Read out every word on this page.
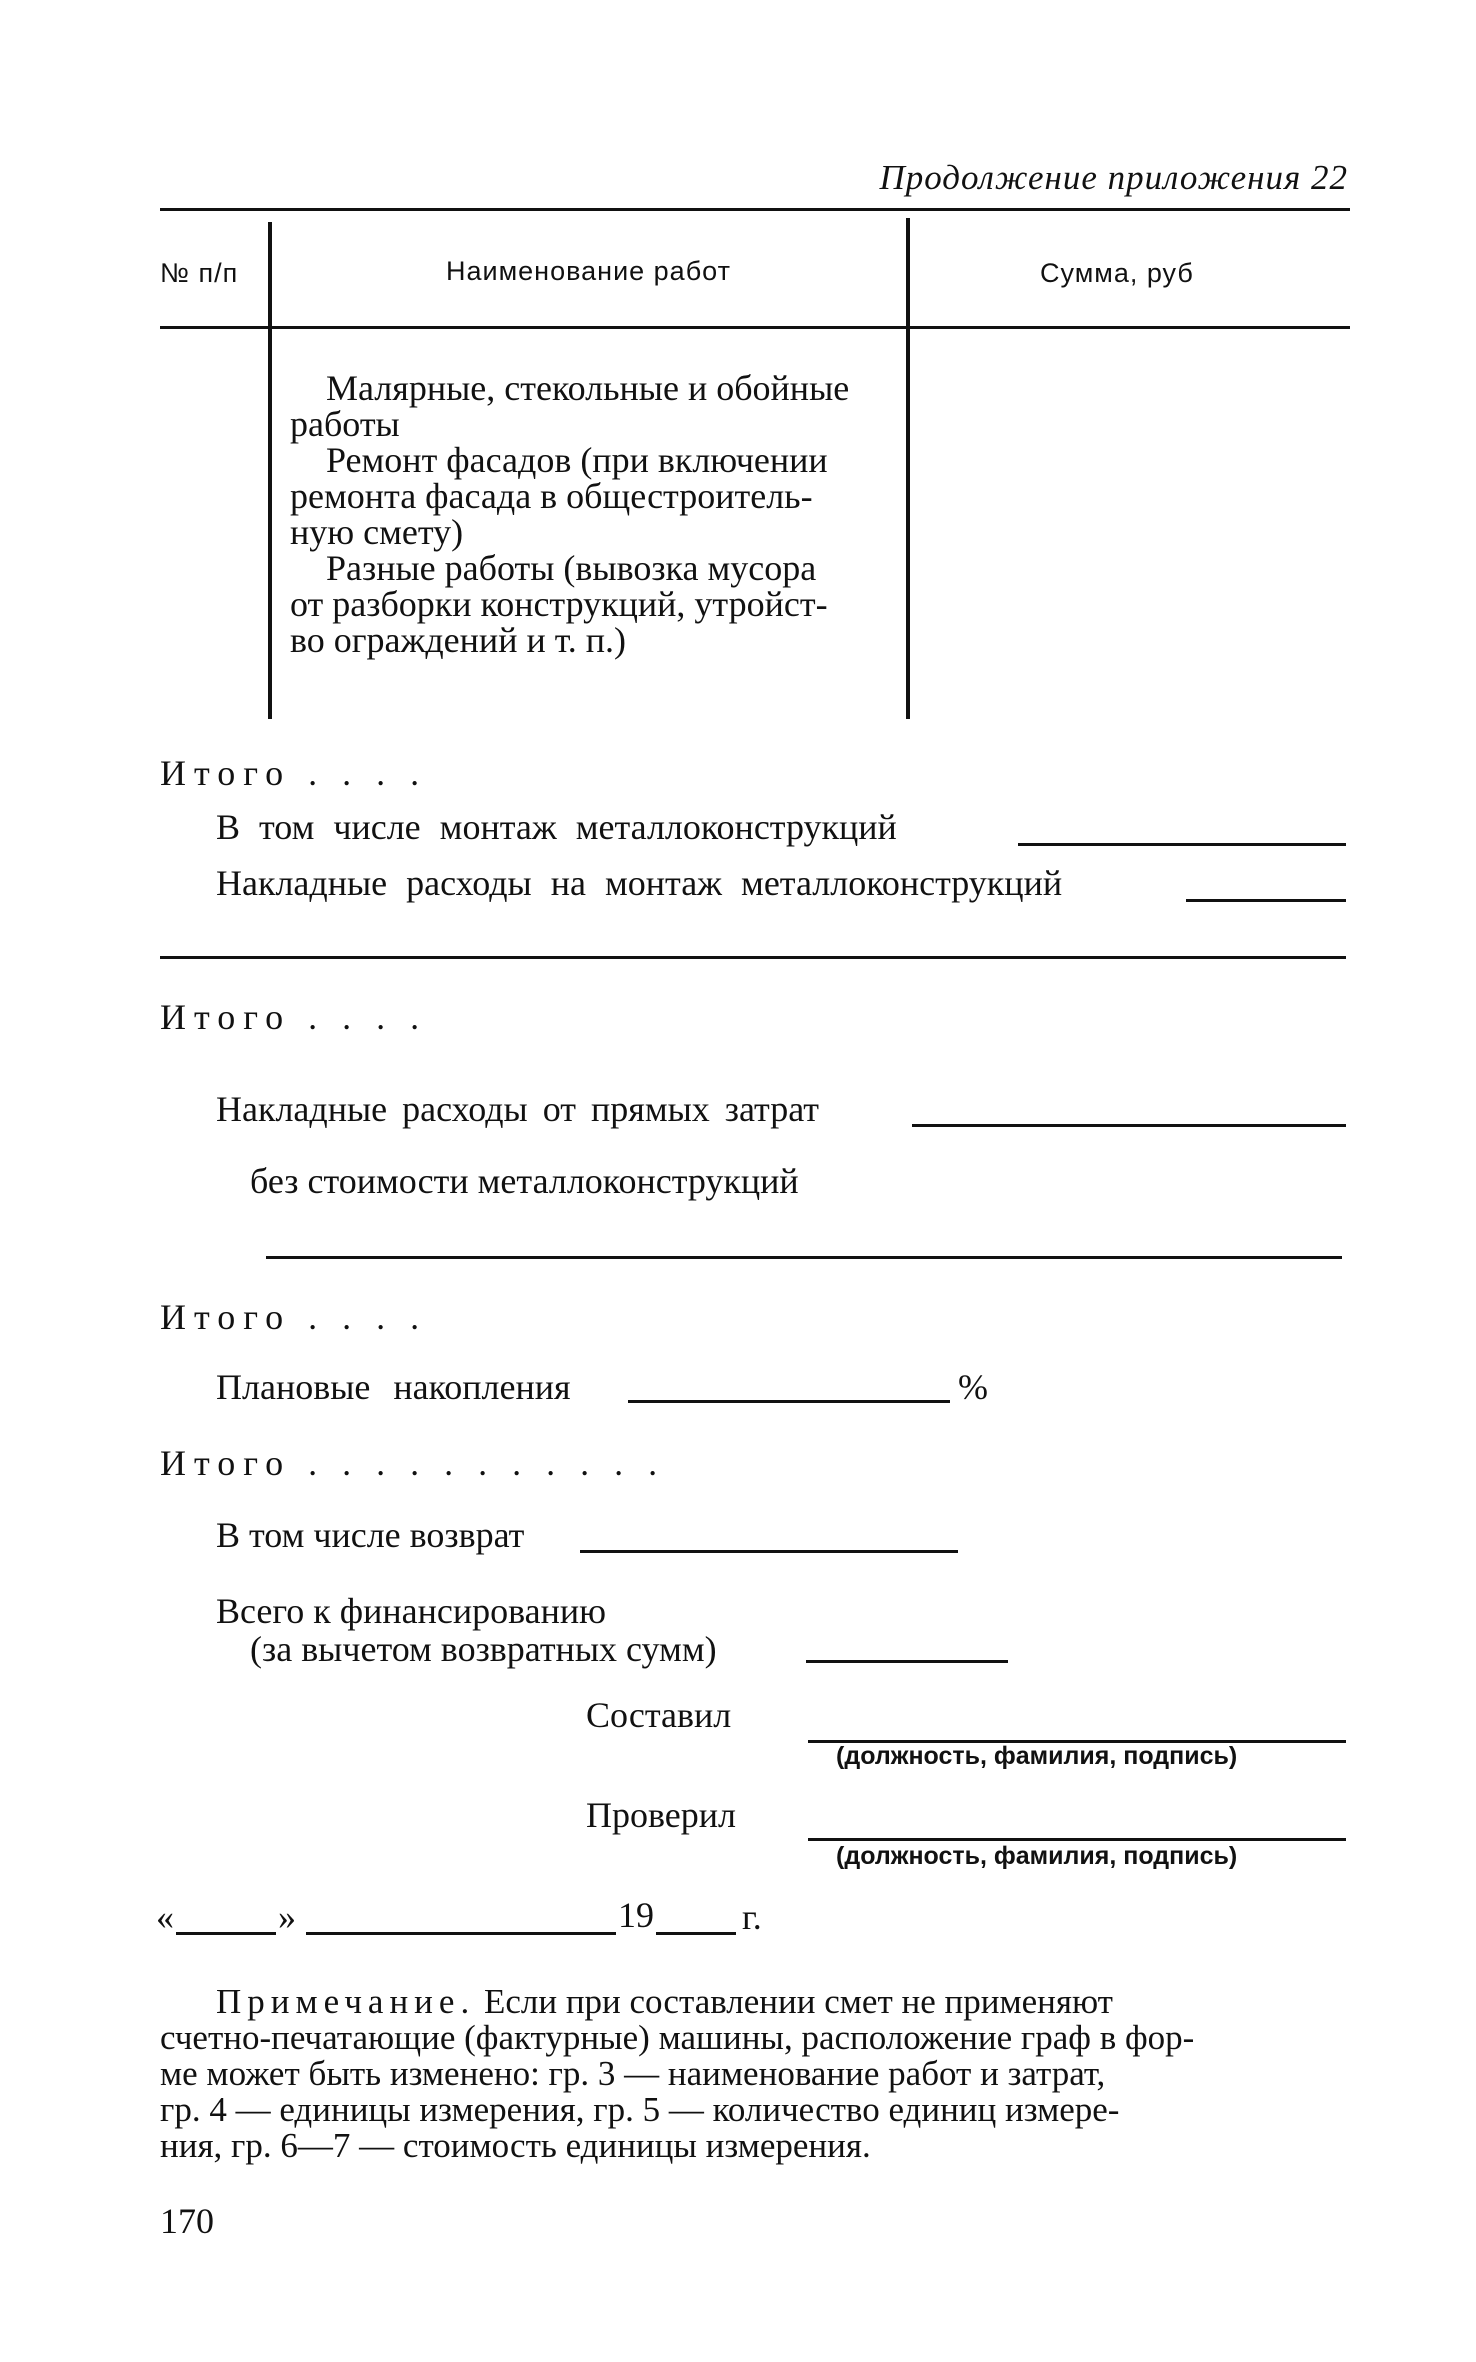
Продолжение приложения 22
№ п/п	Наименование работ	Сумма, руб
Малярные, стекольные и обойные
работы
Ремонт фасадов (при включении
ремонта фасада в общестроитель-
ную смету)
Разные работы (вывозка мусора
от разборки конструкций, утройст-
во ограждений и т. п.)
Итого . . . .
В том числе монтаж металлоконструкций
Накладные расходы на монтаж металлоконструкций
Итого . . . .
Накладные расходы от прямых затрат
без стоимости металлоконструкций
Итого . . . .
Плановые накопления	%
Итого . . . . . . . . . . .
В том числе возврат
Всего к финансированию
(за вычетом возвратных сумм)
Составил
(должность, фамилия, подпись)
Проверил
(должность, фамилия, подпись)
«	»	19 г.
Примечание. Если при составлении смет не применяют
счетно-печатающие (фактурные) машины, расположение граф в фор-
ме может быть изменено: гр. 3 — наименование работ и затрат,
гр. 4 — единицы измерения, гр. 5 — количество единиц измере-
ния, гр. 6—7 — стоимость единицы измерения.
170
